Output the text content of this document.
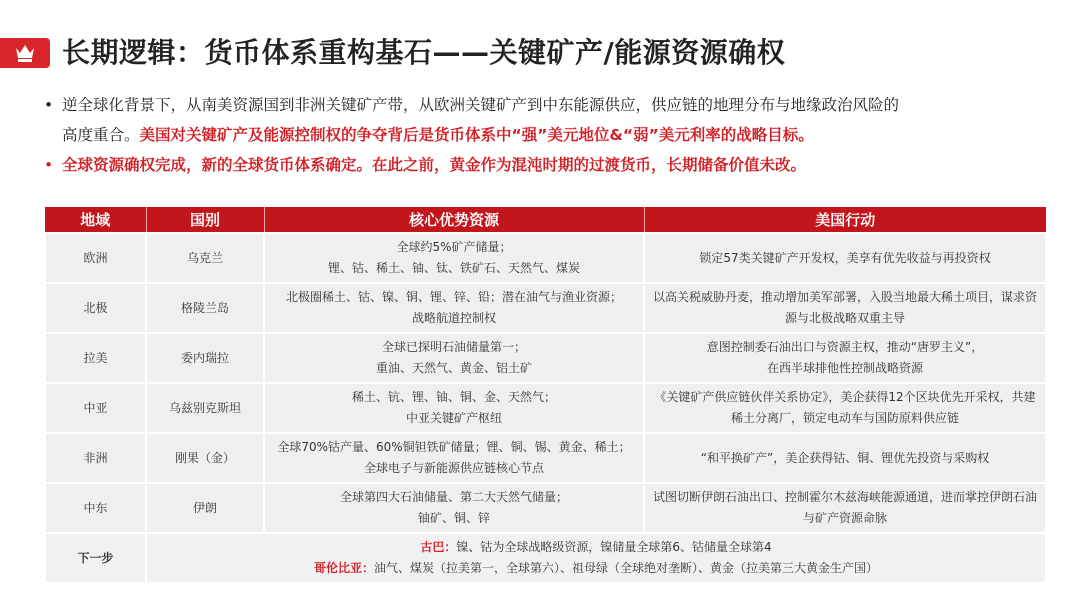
长期逻辑：货币体系重构基石——关键矿产/能源资源确权
• 逆全球化背景下，从南美资源国到非洲关键矿产带，从欧洲关键矿产到中东能源供应，供应链的地理分布与地缘政治风险的
高度重合。美国对关键矿产及能源控制权的争夺背后是货币体系中“强”美元地位&“弱”美元利率的战略目标。
• 全球资源确权完成，新的全球货币体系确定。在此之前，黄金作为混沌时期的过渡货币，长期储备价值未改。
地域	国别	核心优势资源	美国行动
欧洲	乌克兰	全球约5%矿产储量；
锂、钴、稀土、铀、钛、铁矿石、天然气、煤炭	锁定57类关键矿产开发权，美享有优先收益与再投资权

北极	格陵兰岛	北极圈稀土、钴、镍、铜、锂、锌、铅；潜在油气与渔业资源；
战略航道控制权	以高关税威胁丹麦，推动增加美军部署，入股当地最大稀土项目，谋求资
源与北极战略双重主导

拉美	委内瑞拉	全球已探明石油储量第一；
重油、天然气、黄金、铝土矿	意图控制委石油出口与资源主权，推动“唐罗主义”，
在西半球排他性控制战略资源

中亚	乌兹别克斯坦	稀土、钪、锂、铀、铜、金、天然气；
中亚关键矿产枢纽	《关键矿产供应链伙伴关系协定》，美企获得12个区块优先开采权，共建
稀土分离厂，锁定电动车与国防原料供应链

非洲	刚果（金）	全球70%钴产量、60%铜钽铁矿储量；锂、铜、锡、黄金、稀土；
全球电子与新能源供应链核心节点	“和平换矿产”，美企获得钴、铜、锂优先投资与采购权

中东	伊朗	全球第四大石油储量、第二大天然气储量；
铀矿、铜、锌	试图切断伊朗石油出口、控制霍尔木兹海峡能源通道，进而掌控伊朗石油
与矿产资源命脉

下一步	古巴：镍、钴为全球战略级资源，镍储量全球第6、钴储量全球第4
哥伦比亚：油气、煤炭（拉美第一，全球第六）、祖母绿（全球绝对垄断）、黄金（拉美第三大黄金生产国）		
